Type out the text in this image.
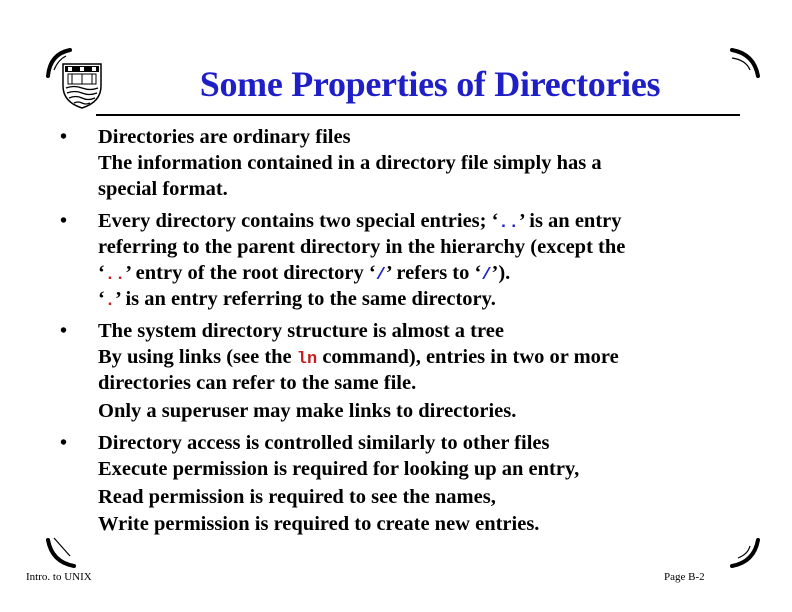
Some Properties of Directories
• Directories are ordinary files
The information contained in a directory file simply has a
special format.
• Every directory contains two special entries; ‘..’ is an entry
referring to the parent directory in the hierarchy (except the
‘..’ entry of the root directory ‘/’ refers to ‘/’).
‘.’ is an entry referring to the same directory.
• The system directory structure is almost a tree
By using links (see the ln command), entries in two or more
directories can refer to the same file.
Only a superuser may make links to directories.
• Directory access is controlled similarly to other files
Execute permission is required for looking up an entry,
Read permission is required to see the names,
Write permission is required to create new entries.
Intro. to UNIX	Page B-2
